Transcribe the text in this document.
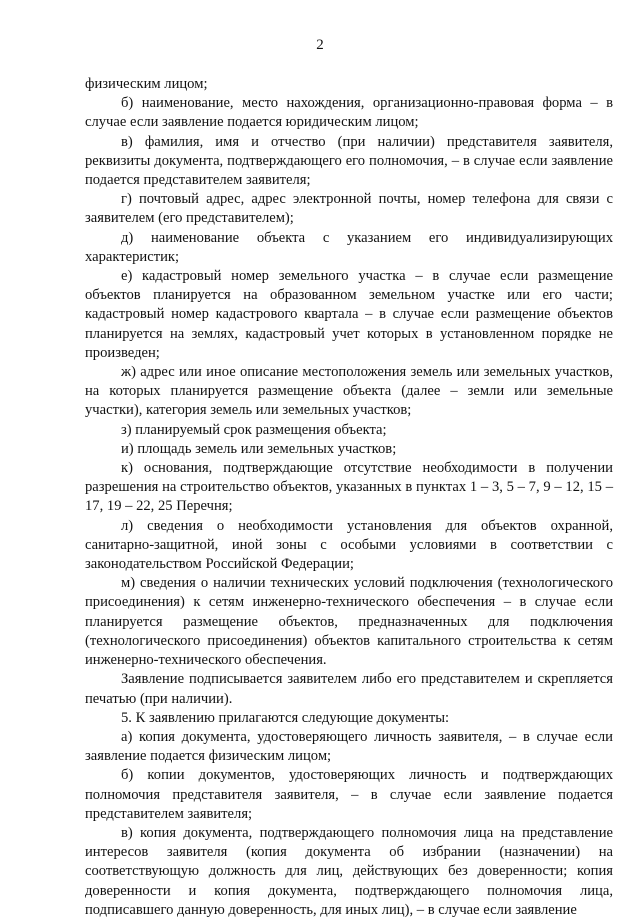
2

физическим лицом;

б) наименование, место нахождения, организационно-правовая форма – в случае если заявление подается юридическим лицом;

в) фамилия, имя и отчество (при наличии) представителя заявителя, реквизиты документа, подтверждающего его полномочия, – в случае если заявление подается представителем заявителя;

г) почтовый адрес, адрес электронной почты, номер телефона для связи с заявителем (его представителем);

д) наименование объекта с указанием его индивидуализирующих характеристик;

е) кадастровый номер земельного участка – в случае если размещение объектов планируется на образованном земельном участке или его части; кадастровый номер кадастрового квартала – в случае если размещение объектов планируется на землях, кадастровый учет которых в установленном порядке не произведен;

ж) адрес или иное описание местоположения земель или земельных участков, на которых планируется размещение объекта (далее – земли или земельные участки), категория земель или земельных участков;

з) планируемый срок размещения объекта;

и) площадь земель или земельных участков;

к) основания, подтверждающие отсутствие необходимости в получении разрешения на строительство объектов, указанных в пунктах 1 – 3, 5 – 7, 9 – 12, 15 – 17, 19 – 22, 25 Перечня;

л) сведения о необходимости установления для объектов охранной, санитарно-защитной, иной зоны с особыми условиями в соответствии с законодательством Российской Федерации;

м) сведения о наличии технических условий подключения (технологического присоединения) к сетям инженерно-технического обеспечения – в случае если планируется размещение объектов, предназначенных для подключения (технологического присоединения) объектов капитального строительства к сетям инженерно-технического обеспечения.

Заявление подписывается заявителем либо его представителем и скрепляется печатью (при наличии).

5. К заявлению прилагаются следующие документы:

а) копия документа, удостоверяющего личность заявителя, – в случае если заявление подается физическим лицом;

б) копии документов, удостоверяющих личность и подтверждающих полномочия представителя заявителя, – в случае если заявление подается представителем заявителя;

в) копия документа, подтверждающего полномочия лица на представление интересов заявителя (копия документа об избрании (назначении) на соответствующую должность для лиц, действующих без доверенности; копия доверенности и копия документа, подтверждающего полномочия лица, подписавшего данную доверенность, для иных лиц), – в случае если заявление
